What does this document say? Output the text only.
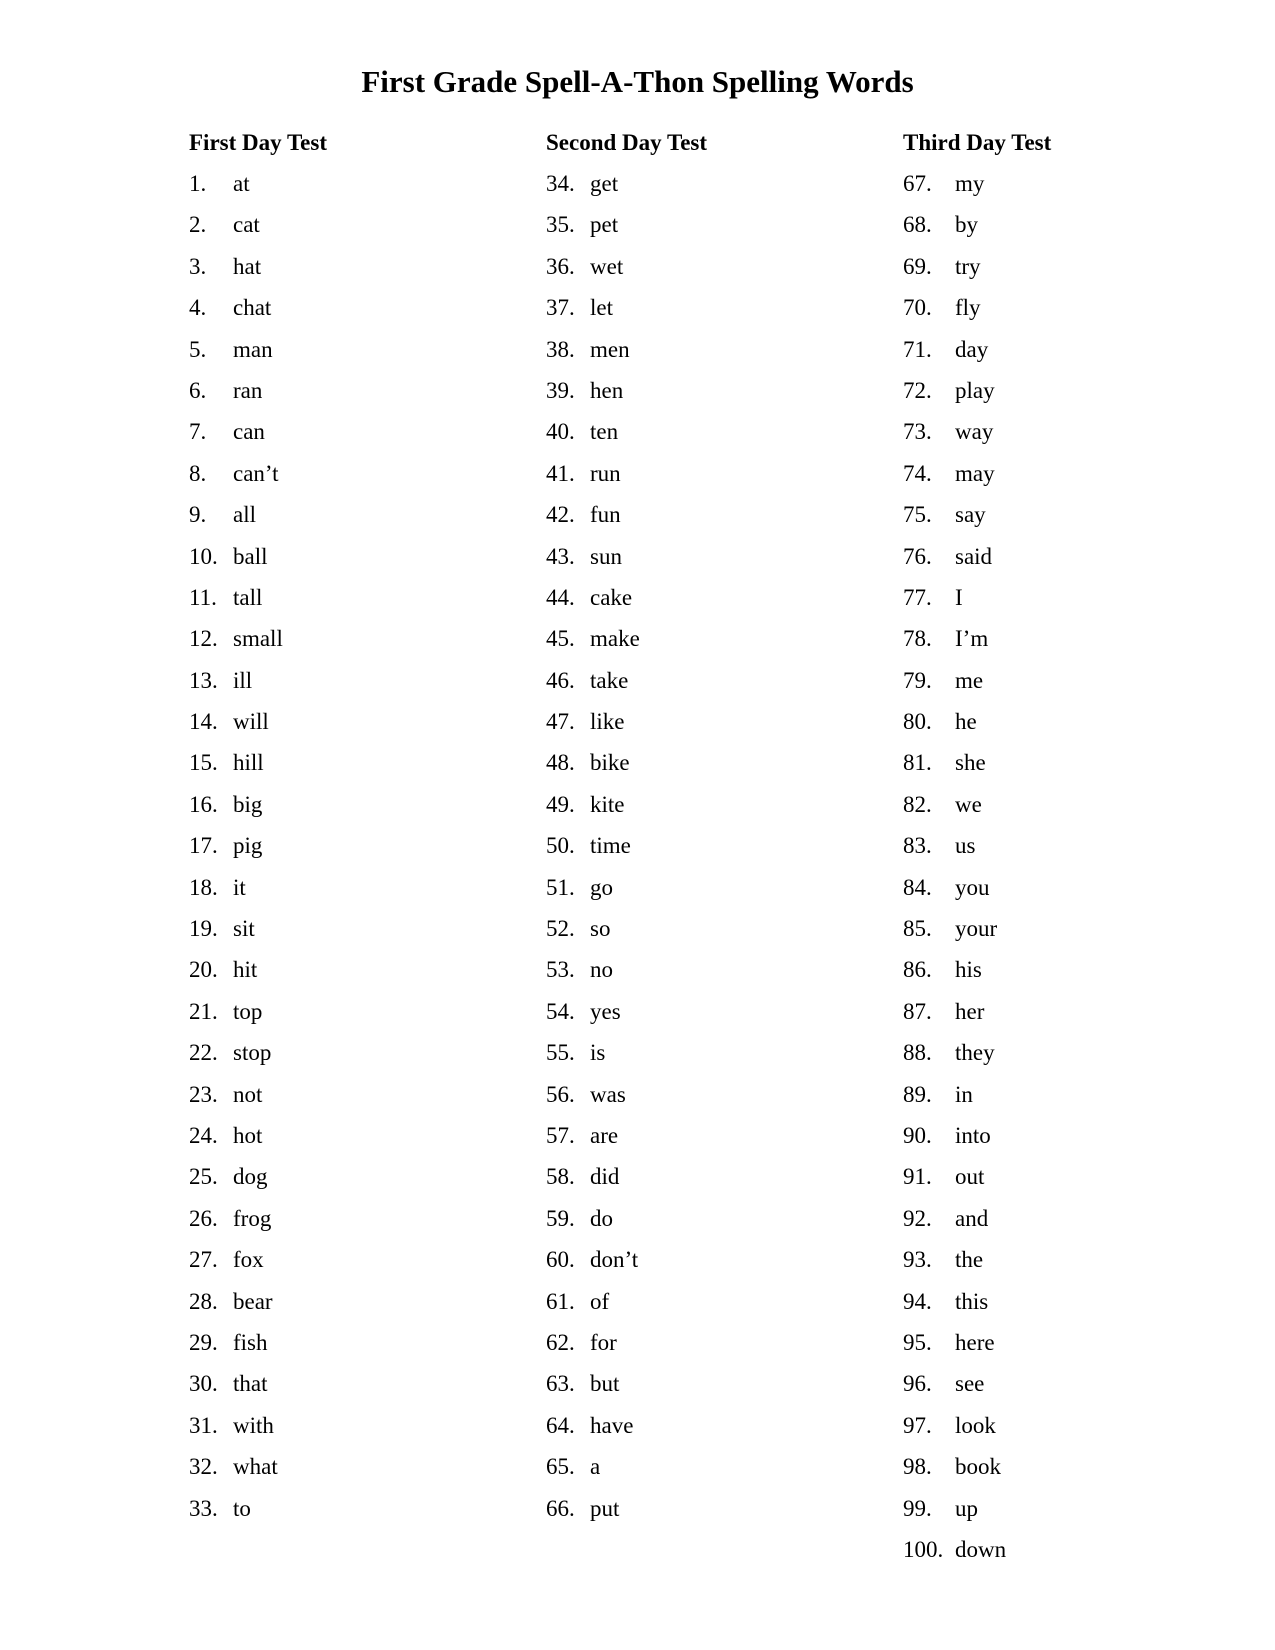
First Grade Spell-A-Thon Spelling Words
First Day Test
1.	at
2.	cat
3.	hat
4.	chat
5.	man
6.	ran
7.	can
8.	can’t
9.	all
10. ball
11. tall
12. small
13. ill
14. will
15. hill
16. big
17. pig
18. it
19. sit
20. hit
21. top
22. stop
23. not
24. hot
25. dog
26. frog
27. fox
28. bear
29. fish
30. that
31. with
32. what
33. to
Second Day Test
34. get
35. pet
36. wet
37. let
38. men
39. hen
40. ten
41. run
42. fun
43. sun
44. cake
45. make
46. take
47. like
48. bike
49. kite
50. time
51. go
52. so
53. no
54. yes
55. is
56. was
57. are
58. did
59. do
60. don’t
61. of
62. for
63. but
64. have
65. a
66. put
Third Day Test
67.	my
68.	by
69.	try
70.	fly
71.	day
72.	play
73.	way
74.	may
75.	say
76.	said
77.	I
78.	I’m
79.	me
80.	he
81.	she
82.	we
83.	us
84.	you
85.	your
86.	his
87.	her
88.	they
89.	in
90.	into
91.	out
92.	and
93.	the
94.	this
95.	here
96.	see
97.	look
98.	book
99.	up
100. down
